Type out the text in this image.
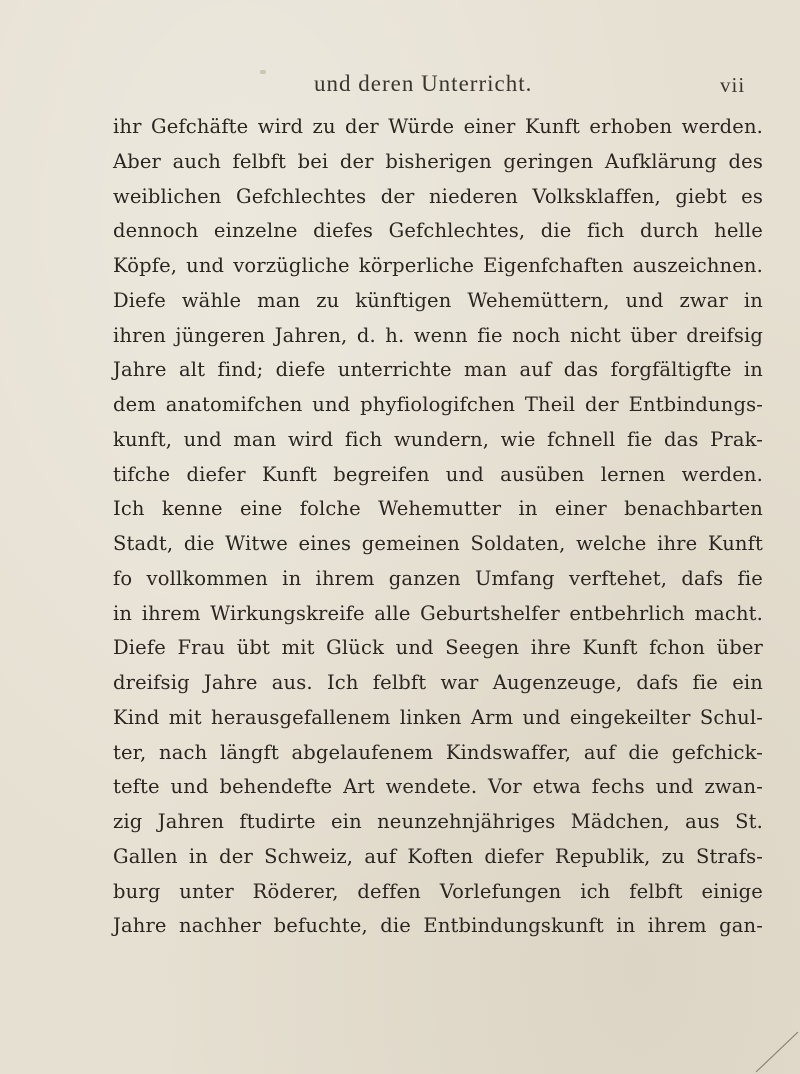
und deren Unterricht.	vii
ihr Gefchäfte wird zu der Würde einer Kunft erhoben werden.
Aber auch felbft bei der bisherigen geringen Aufklärung des
weiblichen Gefchlechtes der niederen Volksklaffen, giebt es
dennoch einzelne diefes Gefchlechtes, die fich durch helle
Köpfe, und vorzügliche körperliche Eigenfchaften auszeichnen.
Diefe wähle man zu künftigen Wehemüttern, und zwar in
ihren jüngeren Jahren, d. h. wenn fie noch nicht über dreifsig
Jahre alt find; diefe unterrichte man auf das forgfältigfte in
dem anatomifchen und phyfiologifchen Theil der Entbindungs-
kunft, und man wird fich wundern, wie fchnell fie das Prak-
tifche diefer Kunft begreifen und ausüben lernen werden.
Ich kenne eine folche Wehemutter in einer benachbarten
Stadt, die Witwe eines gemeinen Soldaten, welche ihre Kunft
fo vollkommen in ihrem ganzen Umfang verftehet, dafs fie
in ihrem Wirkungskreife alle Geburtshelfer entbehrlich macht.
Diefe Frau übt mit Glück und Seegen ihre Kunft fchon über
dreifsig Jahre aus. Ich felbft war Augenzeuge, dafs fie ein
Kind mit herausgefallenem linken Arm und eingekeilter Schul-
ter, nach längft abgelaufenem Kindswaffer, auf die gefchick-
tefte und behendefte Art wendete. Vor etwa fechs und zwan-
zig Jahren ftudirte ein neunzehnjähriges Mädchen, aus St.
Gallen in der Schweiz, auf Koften diefer Republik, zu Strafs-
burg unter Röderer, deffen Vorlefungen ich felbft einige
Jahre nachher befuchte, die Entbindungskunft in ihrem gan-
